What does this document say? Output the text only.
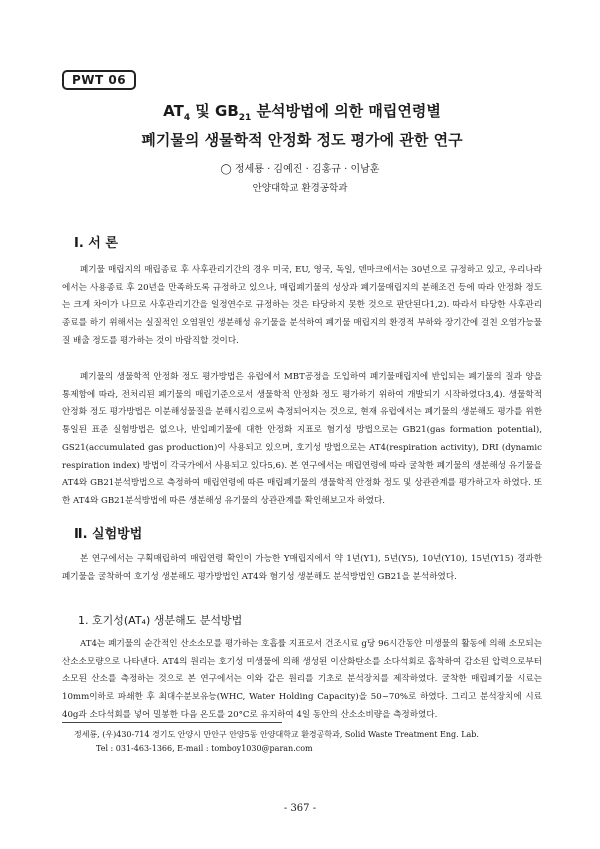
PWT 06
$AT_4$ 및 $GB_{21}$ 분석방법에 의한 매립연령별
폐기물의 생물학적 안정화 정도 평가에 관한 연구
◯ 정세룡 · 김예진 · 김홍규 · 이남훈
안양대학교 환경공학과
Ⅰ. 서 론
폐기물 매립지의 매립종료 후 사후관리기간의 경우 미국, EU, 영국, 독일, 덴마크에서는 30년으로 규정하고 있고, 우리나라에서는 사용종료 후 20년을 만족하도록 규정하고 있으나, 매립폐기물의 성상과 폐기물매립지의 분해조건 등에 따라 안정화 정도는 크게 차이가 나므로 사후관리기간을 일정연수로 규정하는 것은 타당하지 못한 것으로 판단된다1,2). 따라서 타당한 사후관리종료를 하기 위해서는 실질적인 오염원인 생분해성 유기물을 분석하여 폐기물 매립지의 환경적 부하와 장기간에 걸친 오염가능물질 배출 정도를 평가하는 것이 바람직할 것이다.
폐기물의 생물학적 안정화 정도 평가방법은 유럽에서 MBT공정을 도입하여 폐기물매립지에 반입되는 폐기물의 질과 양을 통제함에 따라, 전처리된 폐기물의 매립기준으로서 생물학적 안정화 정도 평가하기 위하여 개발되기 시작하였다3,4). 생물학적 안정화 정도 평가방법은 이분해성물질을 분해시킴으로써 측정되어지는 것으로, 현재 유럽에서는 폐기물의 생분해도 평가를 위한 통일된 표준 실험방법은 없으나, 반입폐기물에 대한 안정화 지표로 혐기성 방법으로는 GB21(gas formation potential), GS21(accumulated gas production)이 사용되고 있으며, 호기성 방법으로는 AT4(respiration activity), DRI (dynamic respiration index) 방법이 각국가에서 사용되고 있다5,6). 본 연구에서는 매립연령에 따라 굴착한 폐기물의 생분해성 유기물을 AT4와 GB21분석방법으로 측정하여 매립연령에 따른 매립폐기물의 생물학적 안정화 정도 및 상관관계를 평가하고자 하였다. 또한 AT4와 GB21분석방법에 따른 생분해성 유기물의 상관관계를 확인해보고자 하였다.
Ⅱ. 실험방법
본 연구에서는 구획매립하여 매립연령 확인이 가능한 Y매립지에서 약 1년(Y1), 5년(Y5), 10년(Y10), 15년(Y15) 경과한 폐기물을 굴착하여 호기성 생분해도 평가방법인 AT4와 혐기성 생분해도 분석방법인 GB21을 분석하였다.
1. 호기성(AT₄) 생분해도 분석방법
AT4는 폐기물의 순간적인 산소소모를 평가하는 호흡률 지표로서 건조시료 g당 96시간동안 미생물의 활동에 의해 소모되는 산소소모량으로 나타낸다. AT4의 원리는 호기성 미생물에 의해 생성된 이산화탄소를 소다석회로 흡착하여 감소된 압력으로부터 소모된 산소를 측정하는 것으로 본 연구에서는 이와 같은 원리를 기초로 분석장치를 제작하였다. 굴착한 매립폐기물 시료는 10mm이하로 파쇄한 후 최대수분보유능(WHC, Water Holding Capacity)을 50~70%로 하였다. 그리고 분석장치에 시료 40g과 소다석회를 넣어 밀봉한 다음 온도를 20°C로 유지하여 4일 동안의 산소소비량을 측정하였다.
정세룡, (우)430-714 경기도 안양시 만안구 안양5동 안양대학교 환경공학과, Solid Waste Treatment Eng. Lab.
Tel : 031-463-1366, E-mail : tomboy1030@paran.com
- 367 -
